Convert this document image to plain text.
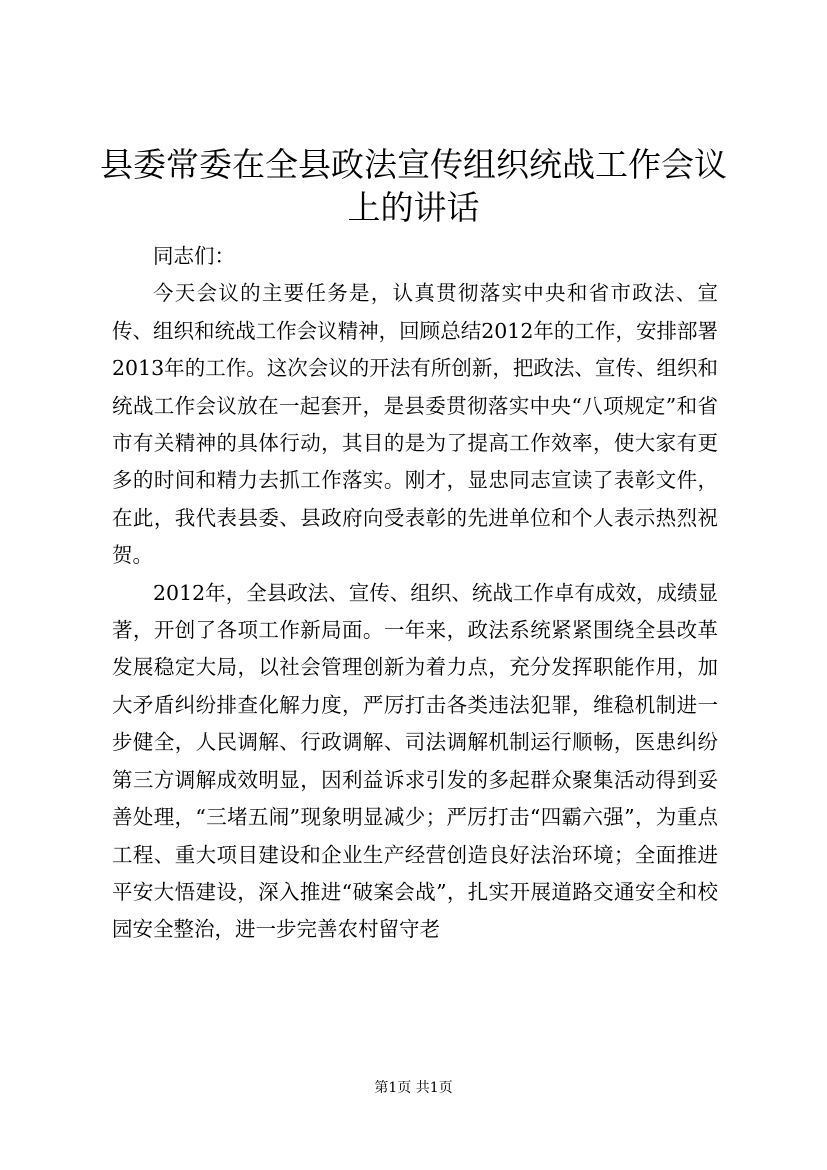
县委常委在全县政法宣传组织统战工作会议上的讲话

同志们：

今天会议的主要任务是，认真贯彻落实中央和省市政法、宣传、组织和统战工作会议精神，回顾总结2012年的工作，安排部署2013年的工作。这次会议的开法有所创新，把政法、宣传、组织和统战工作会议放在一起套开，是县委贯彻落实中央“八项规定”和省市有关精神的具体行动，其目的是为了提高工作效率，使大家有更多的时间和精力去抓工作落实。刚才，显忠同志宣读了表彰文件，在此，我代表县委、县政府向受表彰的先进单位和个人表示热烈祝贺。

2012年，全县政法、宣传、组织、统战工作卓有成效，成绩显著，开创了各项工作新局面。一年来，政法系统紧紧围绕全县改革发展稳定大局，以社会管理创新为着力点，充分发挥职能作用，加大矛盾纠纷排查化解力度，严厉打击各类违法犯罪，维稳机制进一步健全，人民调解、行政调解、司法调解机制运行顺畅，医患纠纷第三方调解成效明显，因利益诉求引发的多起群众聚集活动得到妥善处理，“三堵五闹”现象明显减少；严厉打击“四霸六强”，为重点工程、重大项目建设和企业生产经营创造良好法治环境；全面推进平安大悟建设，深入推进“破案会战”，扎实开展道路交通安全和校园安全整治，进一步完善农村留守老

第1页 共1页
